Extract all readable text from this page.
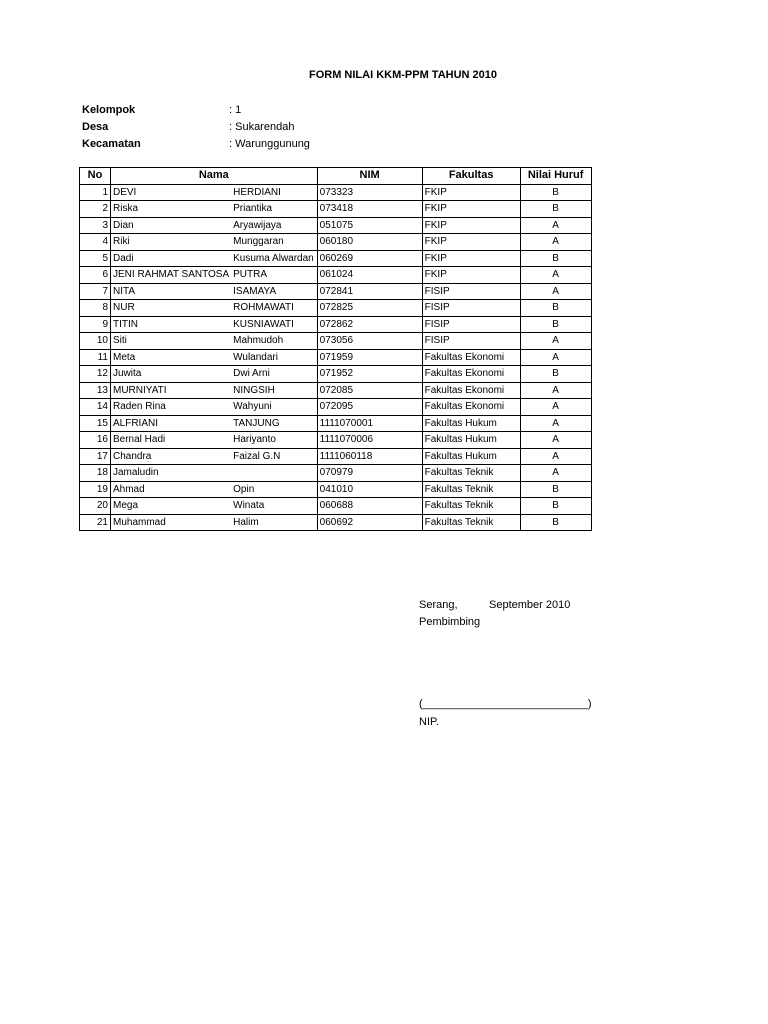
FORM NILAI KKM-PPM TAHUN 2010
Kelompok	: 1
Desa	: Sukarendah
Kecamatan	: Warunggunung
No	Nama		NIM	Fakultas	Nilai Huruf
1	DEVI	HERDIANI	073323	FKIP	B
2	Riska	Priantika	073418	FKIP	B
3	Dian	Aryawijaya	051075	FKIP	A
4	Riki	Munggaran	060180	FKIP	A
5	Dadi	Kusuma Alwardan	060269	FKIP	B
6	JENI RAHMAT SANTOSA	PUTRA	061024	FKIP	A
7	NITA	ISAMAYA	072841	FISIP	A
8	NUR	ROHMAWATI	072825	FISIP	B
9	TITIN	KUSNIAWATI	072862	FISIP	B
10	Siti	Mahmudoh	073056	FISIP	A
11	Meta	Wulandari	071959	Fakultas Ekonomi	A
12	Juwita	Dwi Arni	071952	Fakultas Ekonomi	B
13	MURNIYATI	NINGSIH	072085	Fakultas Ekonomi	A
14	Raden Rina	Wahyuni	072095	Fakultas Ekonomi	A
15	ALFRIANI	TANJUNG	1111070001	Fakultas Hukum	A
16	Bernal Hadi	Hariyanto	1111070006	Fakultas Hukum	A
17	Chandra	Faizal G.N	1111060118	Fakultas Hukum	A
18	Jamaludin		070979	Fakultas Teknik	A
19	Ahmad	Opin	041010	Fakultas Teknik	B
20	Mega	Winata	060688	Fakultas Teknik	B
21	Muhammad	Halim	060692	Fakultas Teknik	B
Serang,	September 2010
Pembimbing
(___________________________)
NIP.
